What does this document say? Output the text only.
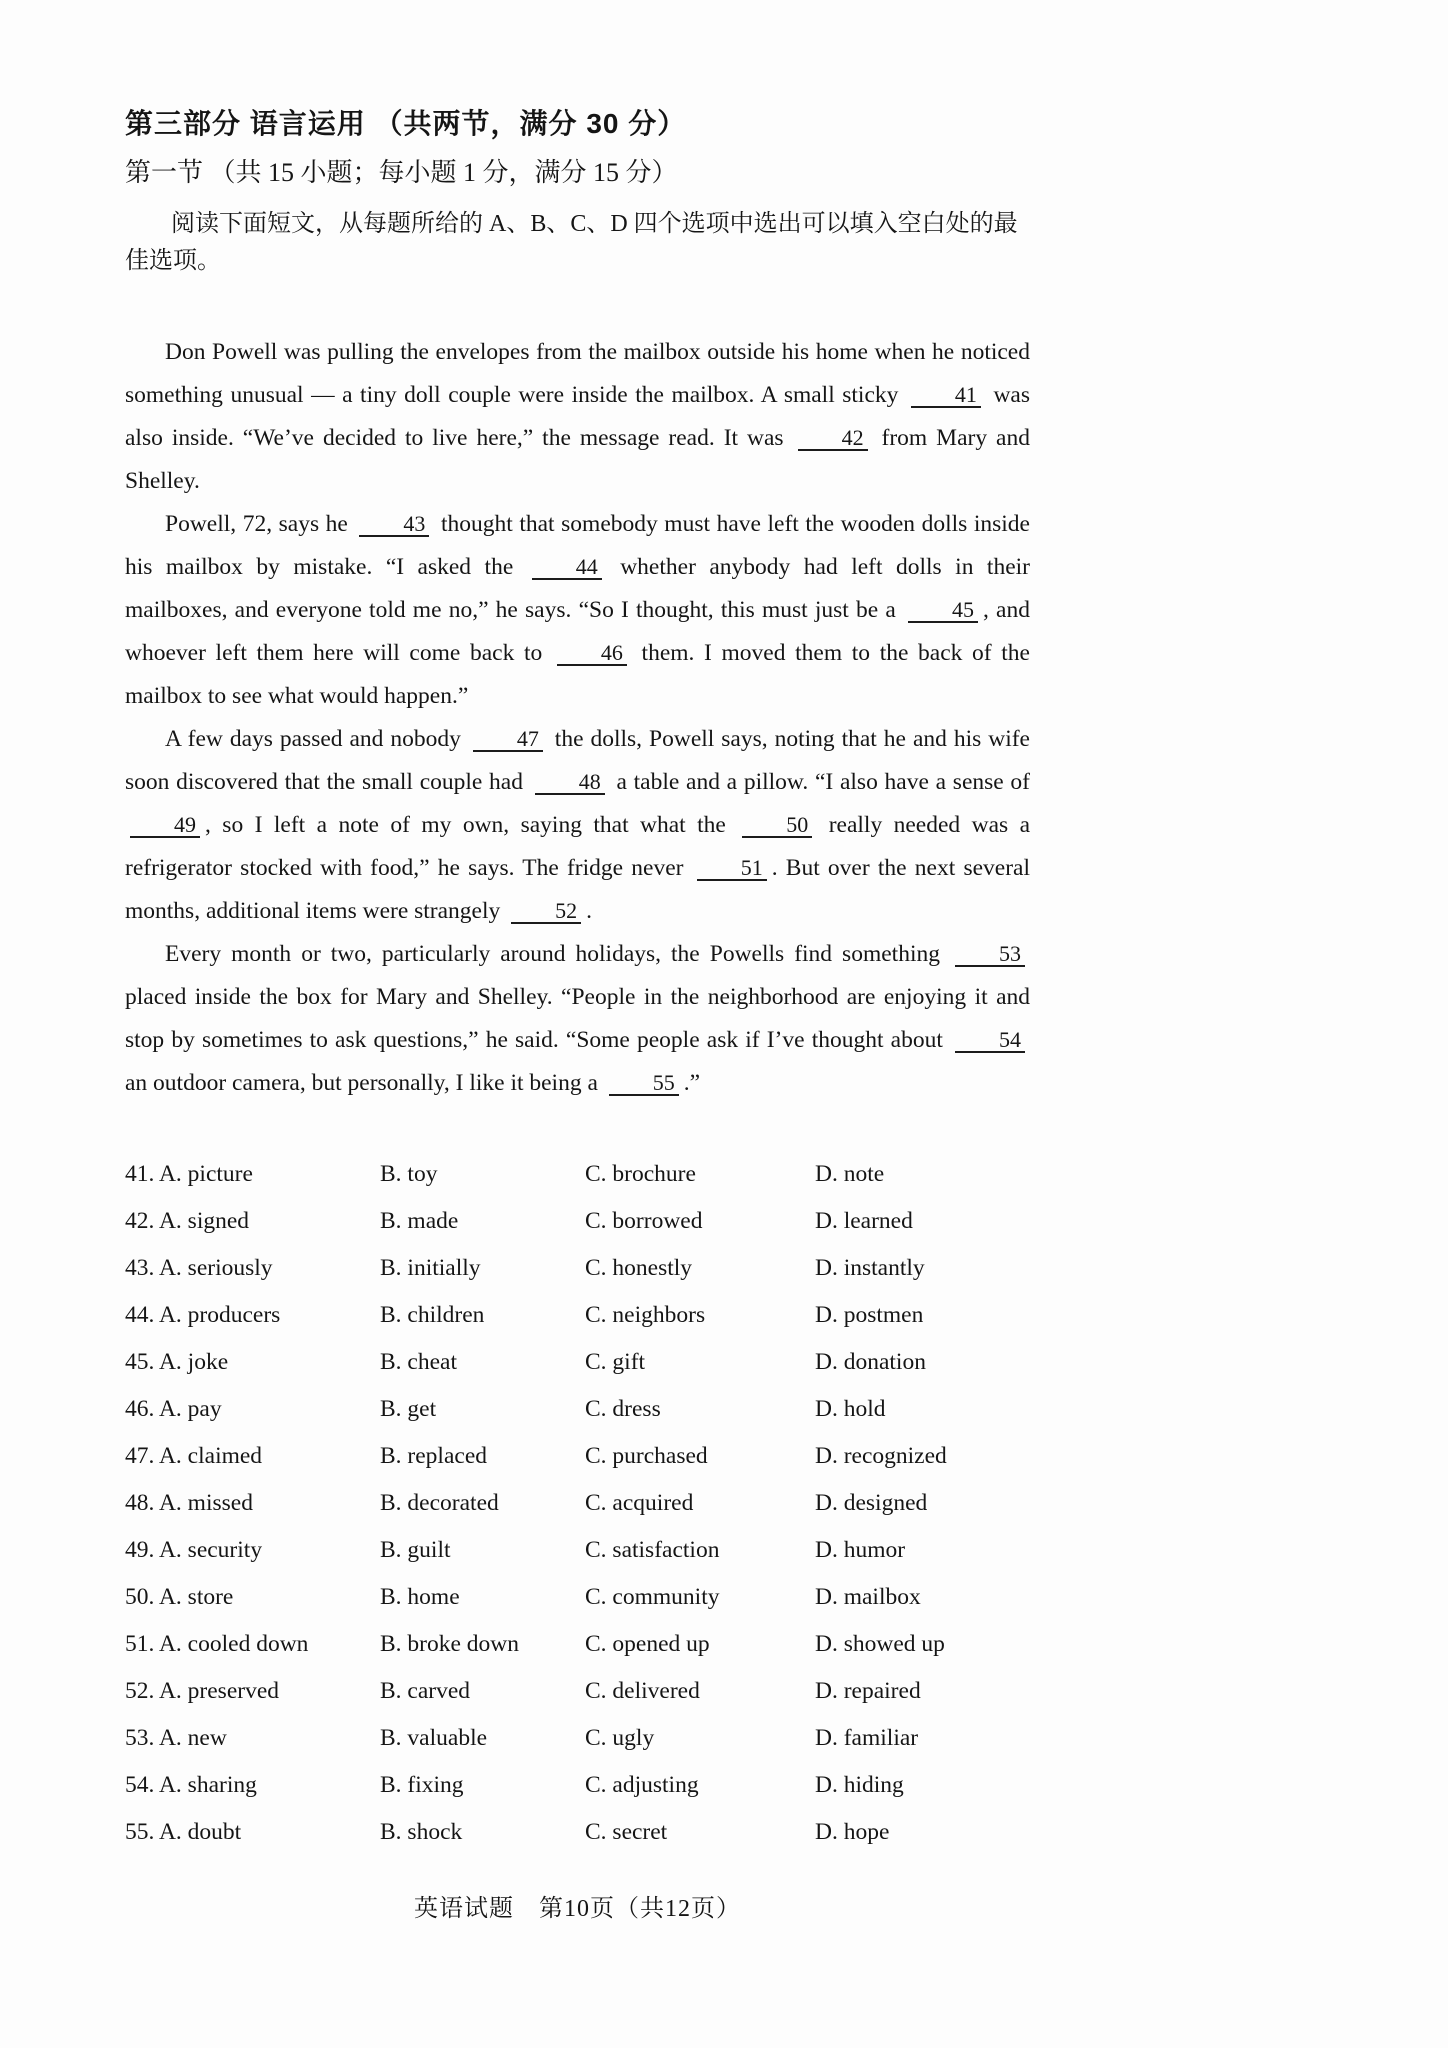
第三部分 语言运用 （共两节，满分 30 分）
第一节 （共 15 小题；每小题 1 分，满分 15 分）

阅读下面短文，从每题所给的 A、B、C、D 四个选项中选出可以填入空白处的最佳选项。

Don Powell was pulling the envelopes from the mailbox outside his home when he noticed something unusual — a tiny doll couple were inside the mailbox. A small sticky 41 was also inside. “We’ve decided to live here,” the message read. It was 42 from Mary and Shelley.

Powell, 72, says he 43 thought that somebody must have left the wooden dolls inside his mailbox by mistake. “I asked the 44 whether anybody had left dolls in their mailboxes, and everyone told me no,” he says. “So I thought, this must just be a 45 , and whoever left them here will come back to 46 them. I moved them to the back of the mailbox to see what would happen.”

A few days passed and nobody 47 the dolls, Powell says, noting that he and his wife soon discovered that the small couple had 48 a table and a pillow. “I also have a sense of 49 , so I left a note of my own, saying that what the 50 really needed was a refrigerator stocked with food,” he says. The fridge never 51 . But over the next several months, additional items were strangely 52 .

Every month or two, particularly around holidays, the Powells find something 53 placed inside the box for Mary and Shelley. “People in the neighborhood are enjoying it and stop by sometimes to ask questions,” he said. “Some people ask if I’ve thought about 54 an outdoor camera, but personally, I like it being a 55 .”

41. A. picture	B. toy	C. brochure	D. note
42. A. signed	B. made	C. borrowed	D. learned
43. A. seriously	B. initially	C. honestly	D. instantly
44. A. producers	B. children	C. neighbors	D. postmen
45. A. joke	B. cheat	C. gift	D. donation
46. A. pay	B. get	C. dress	D. hold
47. A. claimed	B. replaced	C. purchased	D. recognized
48. A. missed	B. decorated	C. acquired	D. designed
49. A. security	B. guilt	C. satisfaction	D. humor
50. A. store	B. home	C. community	D. mailbox
51. A. cooled down	B. broke down	C. opened up	D. showed up
52. A. preserved	B. carved	C. delivered	D. repaired
53. A. new	B. valuable	C. ugly	D. familiar
54. A. sharing	B. fixing	C. adjusting	D. hiding
55. A. doubt	B. shock	C. secret	D. hope
英语试题　第10页（共12页）
